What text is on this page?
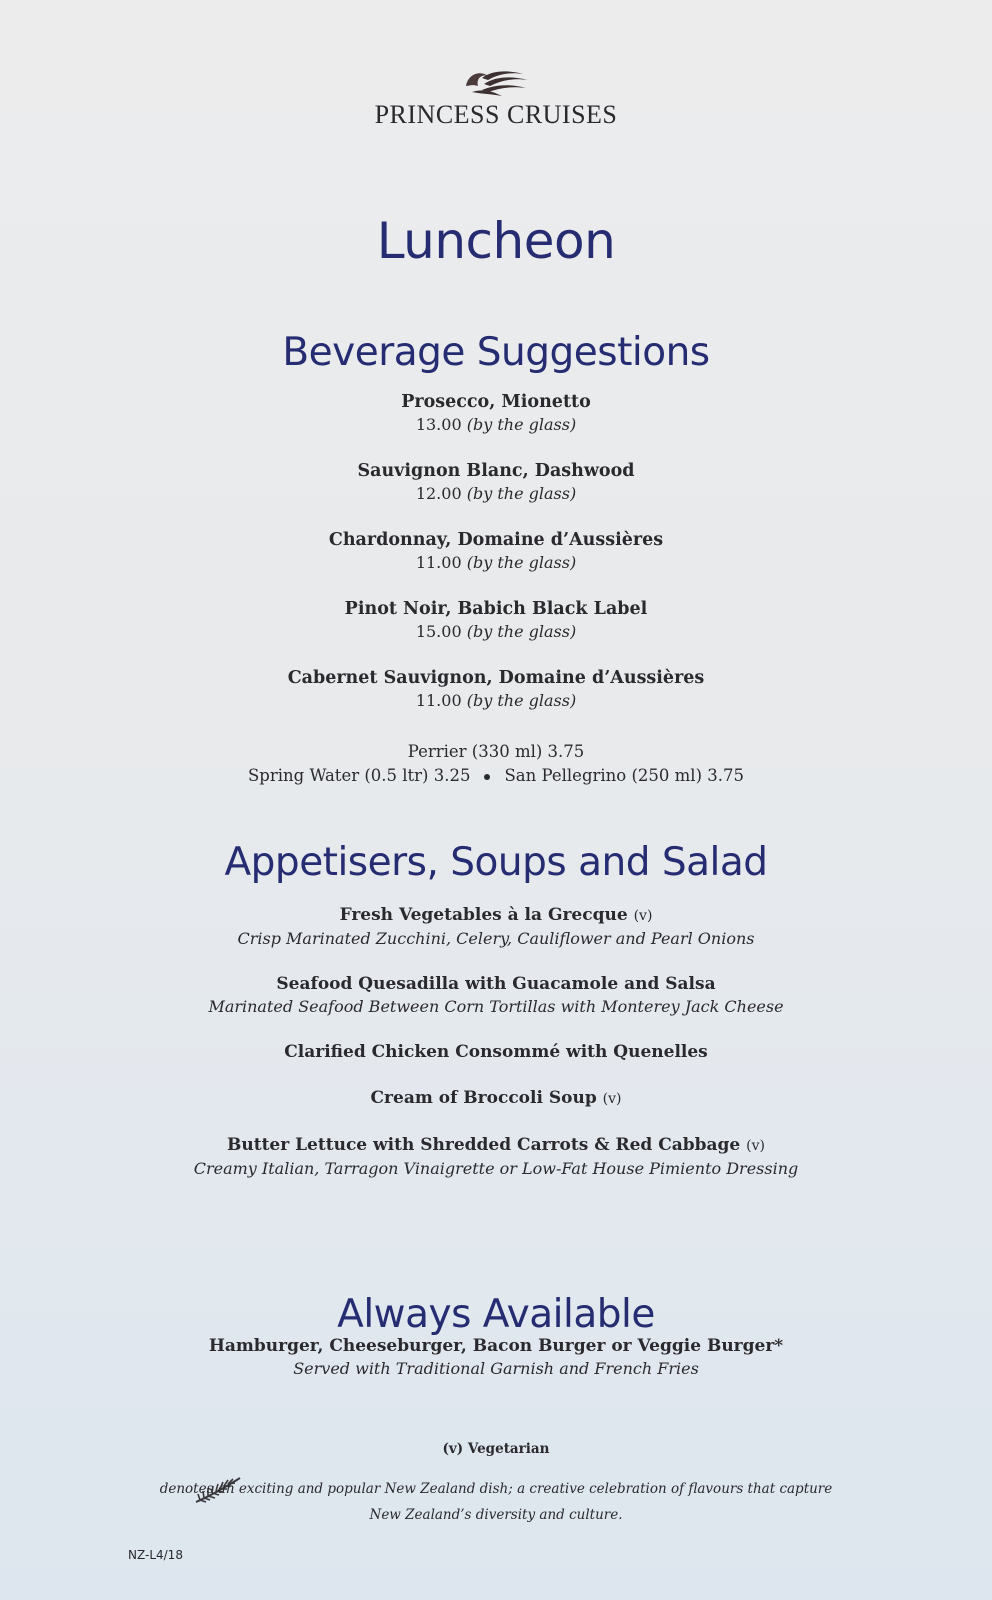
PRINCESS CRUISES
Luncheon
Beverage Suggestions
Prosecco, Mionetto
13.00 (by the glass)
Sauvignon Blanc, Dashwood
12.00 (by the glass)
Chardonnay, Domaine d’Aussières
11.00 (by the glass)
Pinot Noir, Babich Black Label
15.00 (by the glass)
Cabernet Sauvignon, Domaine d’Aussières
11.00 (by the glass)
Perrier (330 ml) 3.75
Spring Water (0.5 ltr) 3.25 San Pellegrino (250 ml) 3.75
Appetisers, Soups and Salad
Fresh Vegetables à la Grecque (v)
Crisp Marinated Zucchini, Celery, Cauliflower and Pearl Onions
Seafood Quesadilla with Guacamole and Salsa
Marinated Seafood Between Corn Tortillas with Monterey Jack Cheese
Clarified Chicken Consommé with Quenelles
Cream of Broccoli Soup (v)
Butter Lettuce with Shredded Carrots & Red Cabbage (v)
Creamy Italian, Tarragon Vinaigrette or Low-Fat House Pimiento Dressing
Always Available
Hamburger, Cheeseburger, Bacon Burger or Veggie Burger*
Served with Traditional Garnish and French Fries
(v) Vegetarian
denotes an exciting and popular New Zealand dish; a creative celebration of flavours that capture
New Zealand’s diversity and culture.
NZ-L4/18
